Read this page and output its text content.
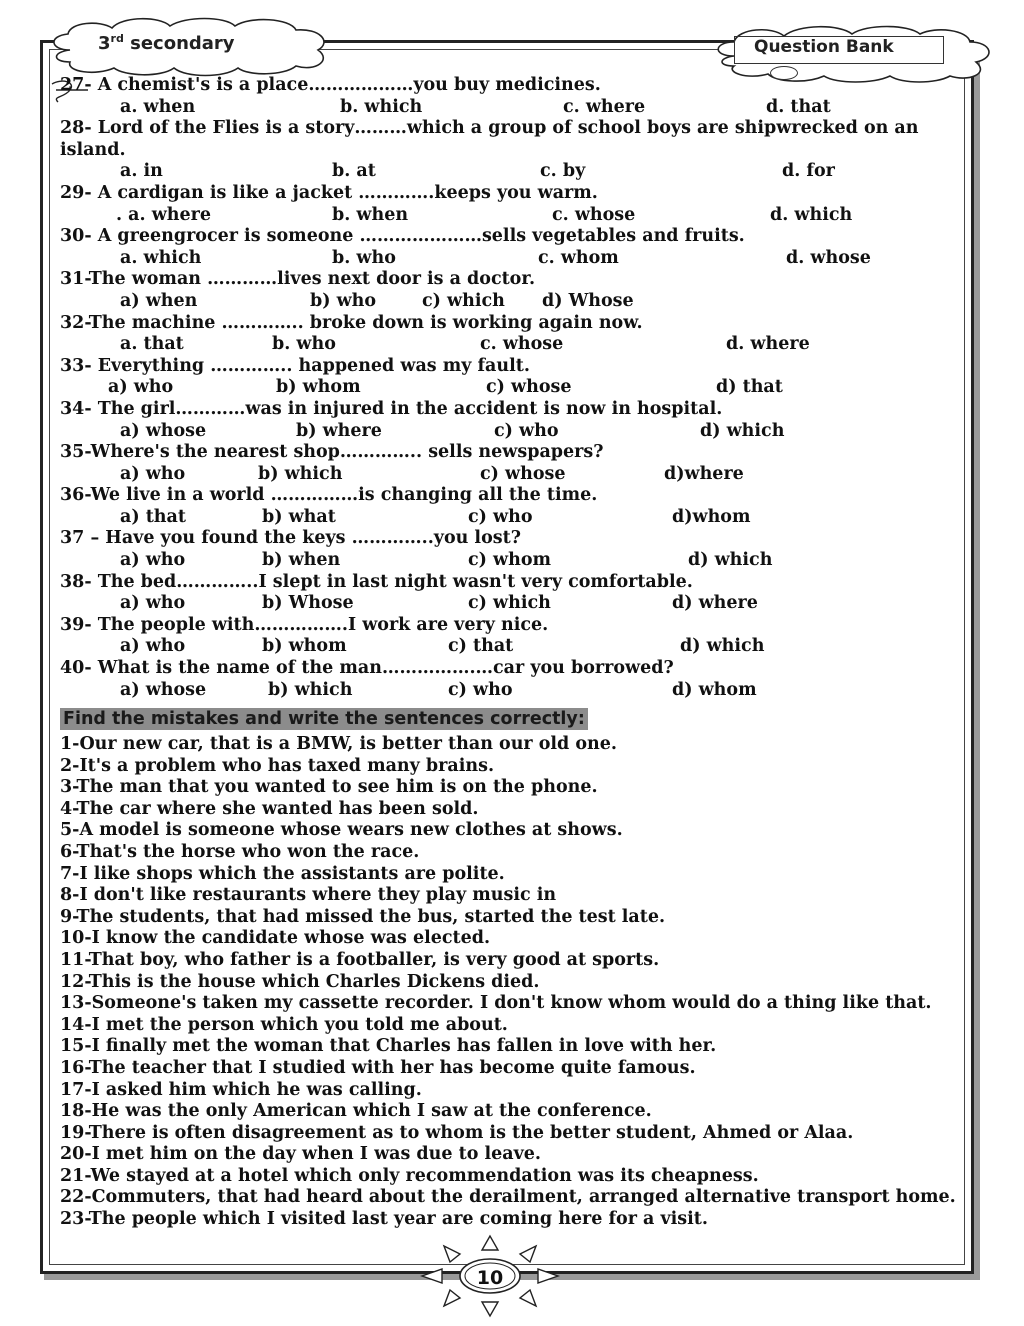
3rd secondary	Question Bank
27- A chemist's is a place………………you buy medicines.
a. when	b. which	c. where	d. that
28- Lord of the Flies is a story………which a group of school boys are shipwrecked on an island.
a. in	b. at	c. by	d. for
29- A cardigan is like a jacket ………….keeps you warm.
. a. where	b. when	c. whose	d. which
30- A greengrocer is someone …………………sells vegetables and fruits.
a. which	b. who	c. whom	d. whose
31-The woman …………lives next door is a doctor.
a) when	b) who	c) which d) Whose
32-The machine ………….. broke down is working again now.
a. that	b. who	c. whose	d. where
33- Everything ………….. happened was my fault.
a) who	b) whom	c) whose	d) that
34- The girl…………was in injured in the accident is now in hospital.
a) whose	b) where	c) who	d) which
35-Where's the nearest shop………….. sells newspapers?
a) who	b) which	c) whose	d)where
36-We live in a world ……………is changing all the time.
a) that	b) what	c) who	d)whom
37 – Have you found the keys …………..you lost?
a) who	b) when	c) whom	d) which
38- The bed…………..I slept in last night wasn't very comfortable.
a) who	b) Whose	c) which	d) where
39- The people with…………….I work are very nice.
a) who	b) whom	c) that	d) which
40- What is the name of the man…………….…car you borrowed?
a) whose	b) which	c) who	d) whom
Find the mistakes and write the sentences correctly:
1-Our new car, that is a BMW, is better than our old one.
2-It's a problem who has taxed many brains.
3-The man that you wanted to see him is on the phone.
4-The car where she wanted has been sold.
5-A model is someone whose wears new clothes at shows.
6-That's the horse who won the race.
7-I like shops which the assistants are polite.
8-I don't like restaurants where they play music in
9-The students, that had missed the bus, started the test late.
10-I know the candidate whose was elected.
11-That boy, who father is a footballer, is very good at sports.
12-This is the house which Charles Dickens died.
13-Someone's taken my cassette recorder. I don't know whom would do a thing like that.
14-I met the person which you told me about.
15-I finally met the woman that Charles has fallen in love with her.
16-The teacher that I studied with her has become quite famous.
17-I asked him which he was calling.
18-He was the only American which I saw at the conference.
19-There is often disagreement as to whom is the better student, Ahmed or Alaa.
20-I met him on the day when I was due to leave.
21-We stayed at a hotel which only recommendation was its cheapness.
22-Commuters, that had heard about the derailment, arranged alternative transport home.
23-The people which I visited last year are coming here for a visit.
10
